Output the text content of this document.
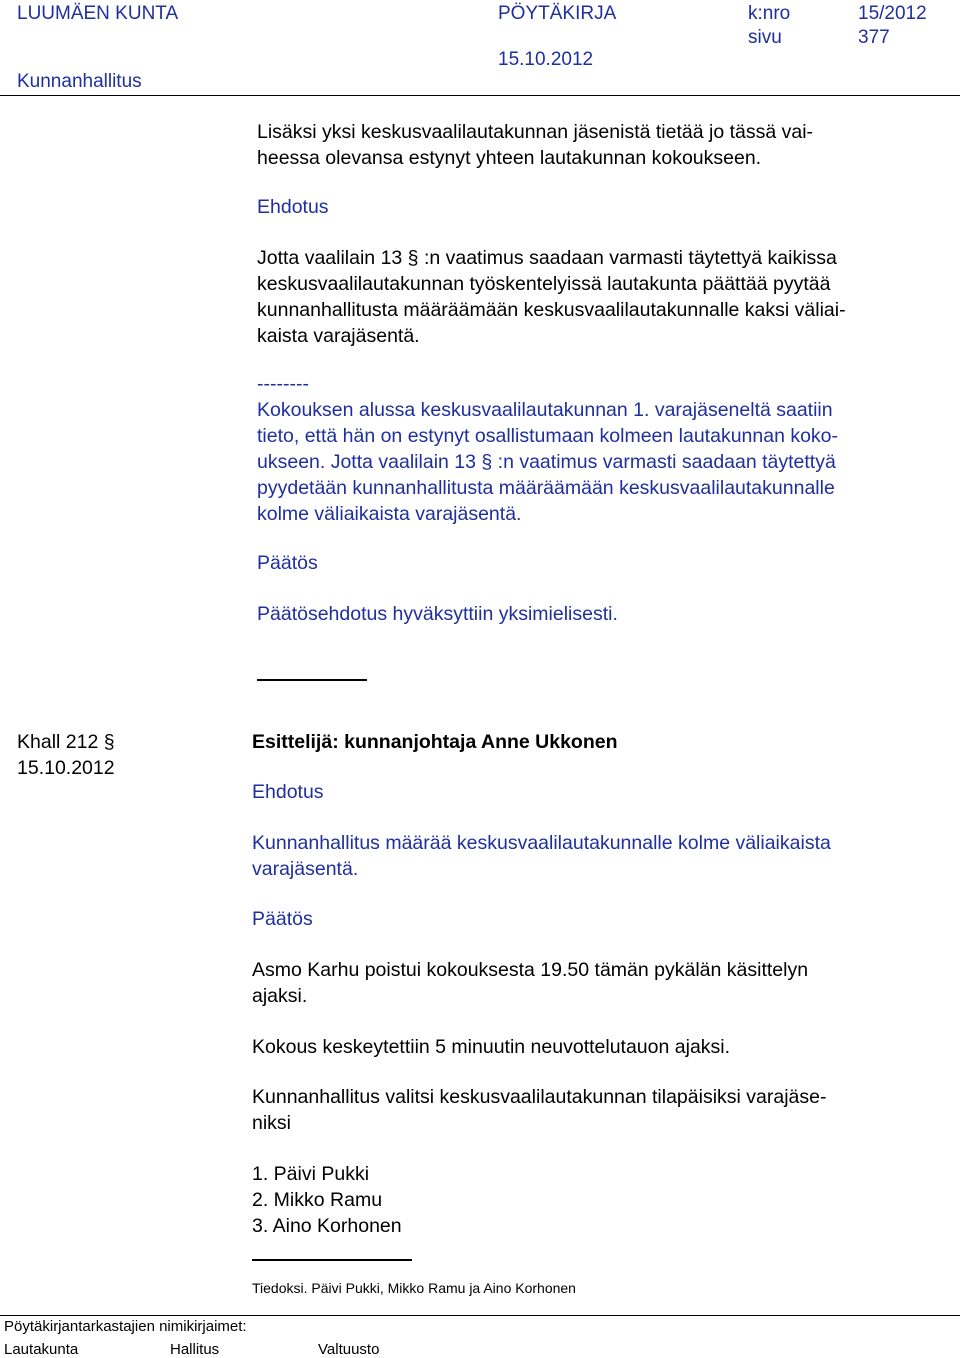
LUUMÄEN KUNTA	PÖYTÄKIRJA	k:nro	15/2012
sivu	377
15.10.2012
Kunnanhallitus
Lisäksi yksi keskusvaalilautakunnan jäsenistä tietää jo tässä vai-
heessa olevansa estynyt yhteen lautakunnan kokoukseen.
Ehdotus
Jotta vaalilain 13 § :n vaatimus saadaan varmasti täytettyä kaikissa
keskusvaalilautakunnan työskentelyissä lautakunta päättää pyytää
kunnanhallitusta määräämään keskusvaalilautakunnalle kaksi väliai-
kaista varajäsentä.
--------
Kokouksen alussa keskusvaalilautakunnan 1. varajäseneltä saatiin
tieto, että hän on estynyt osallistumaan kolmeen lautakunnan koko-
ukseen. Jotta vaalilain 13 § :n vaatimus varmasti saadaan täytettyä
pyydetään kunnanhallitusta määräämään keskusvaalilautakunnalle
kolme väliaikaista varajäsentä.
Päätös
Päätösehdotus hyväksyttiin yksimielisesti.
Khall 212 §
15.10.2012
Esittelijä: kunnanjohtaja Anne Ukkonen
Ehdotus
Kunnanhallitus määrää keskusvaalilautakunnalle kolme väliaikaista
varajäsentä.
Päätös
Asmo Karhu poistui kokouksesta 19.50 tämän pykälän käsittelyn
ajaksi.
Kokous keskeytettiin 5 minuutin neuvottelutauon ajaksi.
Kunnanhallitus valitsi keskusvaalilautakunnan tilapäisiksi varajäse-
niksi
1. Päivi Pukki
2. Mikko Ramu
3. Aino Korhonen
Tiedoksi. Päivi Pukki, Mikko Ramu ja Aino Korhonen
Pöytäkirjantarkastajien nimikirjaimet:
Lautakunta	Hallitus	Valtuusto
